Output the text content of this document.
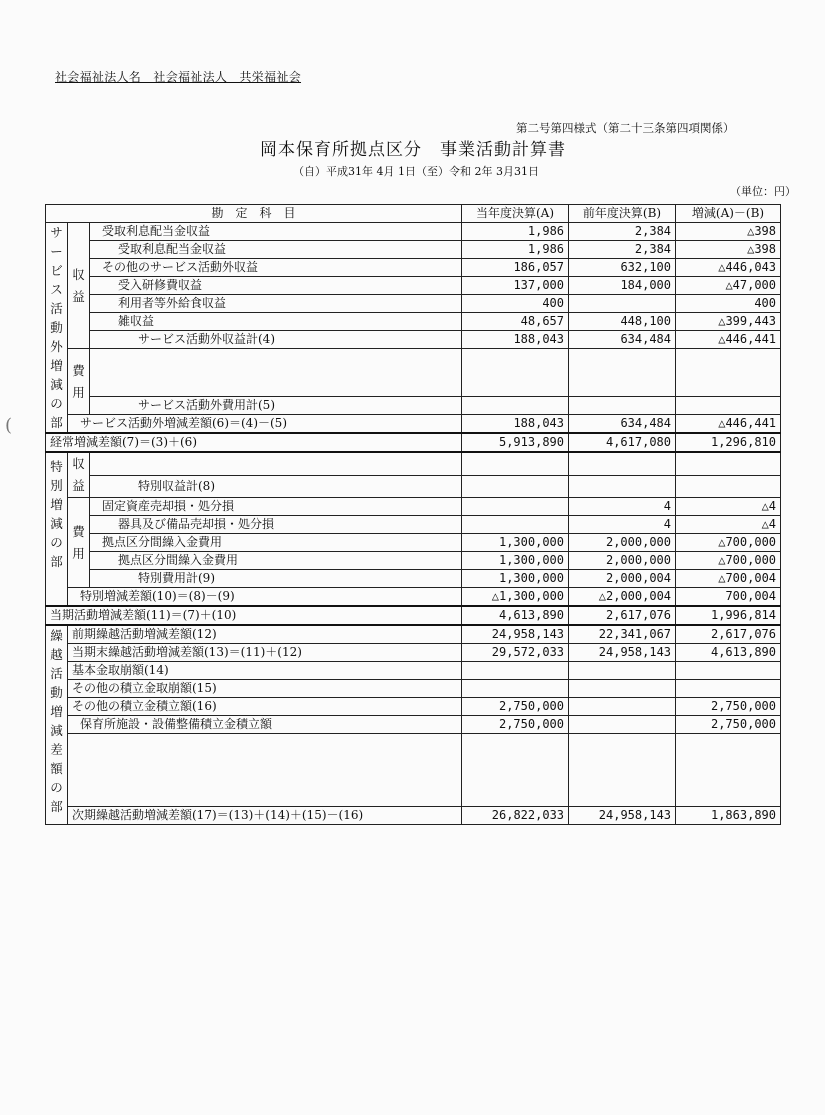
社会福祉法人名　社会福祉法人　共栄福祉会
第二号第四様式（第二十三条第四項関係）
岡本保育所拠点区分　事業活動計算書
（自）平成31年 4月 1日（至）令和 2年 3月31日
（単位：円）
(
勘　定　科　目			当年度決算(A)	前年度決算(B)	増減(A)－(B)
サービス活動外増減の部	収益	受取利息配当金収益	1,986	2,384	△398
		受取利息配当金収益	1,986	2,384	△398
		その他のサービス活動外収益	186,057	632,100	△446,043
		受入研修費収益	137,000	184,000	△47,000
		利用者等外給食収益	400		400
		雑収益	48,657	448,100	△399,443
		サービス活動外収益計(4)	188,043	634,484	△446,441
	費用				
		サービス活動外費用計(5)			
	サービス活動外増減差額(6)＝(4)－(5)		188,043	634,484	△446,441
経常増減差額(7)＝(3)＋(6)			5,913,890	4,617,080	1,296,810
特別増減の部	収益				
		特別収益計(8)			
	費用	固定資産売却損・処分損		4	△4
		器具及び備品売却損・処分損		4	△4
		拠点区分間繰入金費用	1,300,000	2,000,000	△700,000
		拠点区分間繰入金費用	1,300,000	2,000,000	△700,000
		特別費用計(9)	1,300,000	2,000,004	△700,004
	特別増減差額(10)＝(8)－(9)		△1,300,000	△2,000,004	700,004
当期活動増減差額(11)＝(7)＋(10)			4,613,890	2,617,076	1,996,814
繰越活動増減差額の部	前期繰越活動増減差額(12)		24,958,143	22,341,067	2,617,076
	当期末繰越活動増減差額(13)＝(11)＋(12)		29,572,033	24,958,143	4,613,890
	基本金取崩額(14)				
	その他の積立金取崩額(15)				
	その他の積立金積立額(16)		2,750,000		2,750,000
	保育所施設・設備整備積立金積立額		2,750,000		2,750,000

	次期繰越活動増減差額(17)＝(13)＋(14)＋(15)－(16)		26,822,033	24,958,143	1,863,890
